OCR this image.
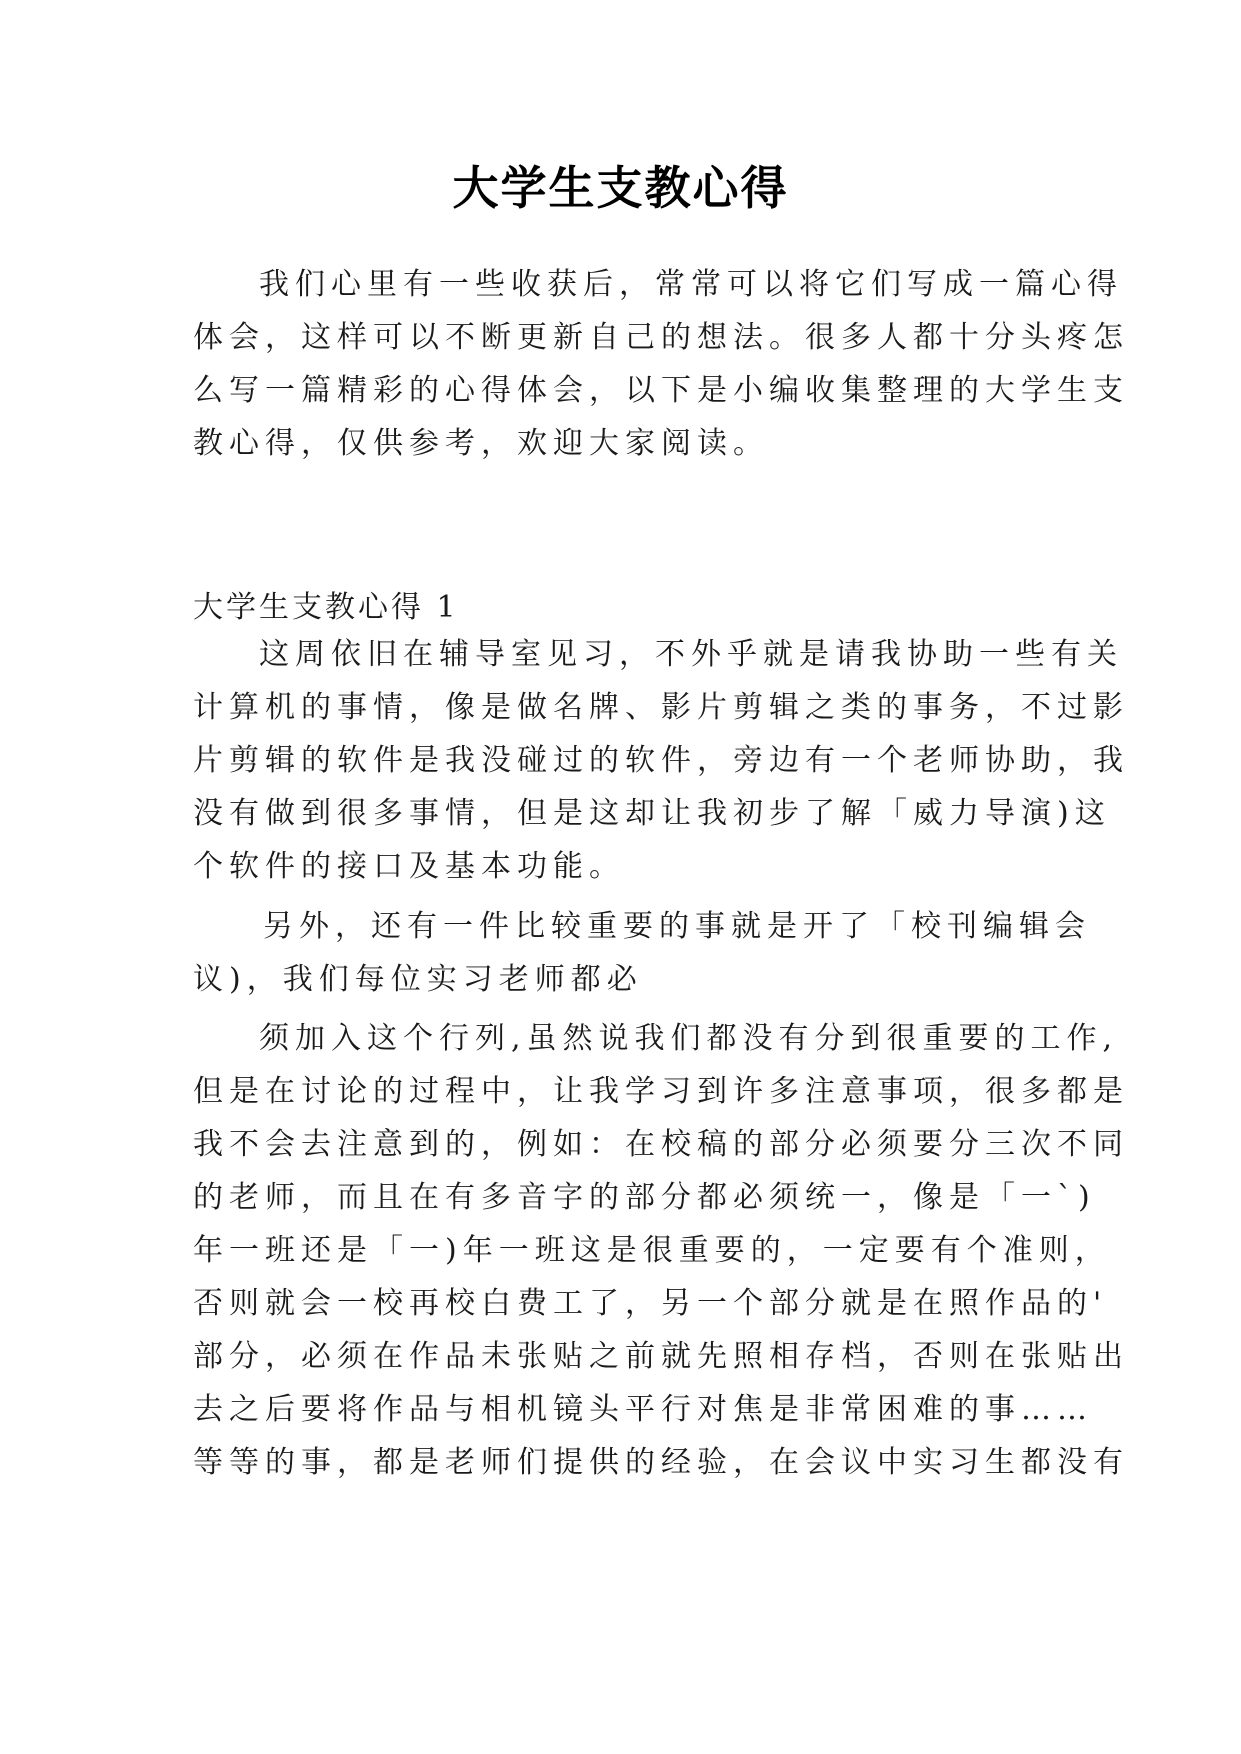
大学生支教心得
我们心里有一些收获后，常常可以将它们写成一篇心得
体会，这样可以不断更新自己的想法。很多人都十分头疼怎
么写一篇精彩的心得体会，以下是小编收集整理的大学生支
教心得，仅供参考，欢迎大家阅读。
大学生支教心得 1
这周依旧在辅导室见习，不外乎就是请我协助一些有关
计算机的事情，像是做名牌、影片剪辑之类的事务，不过影
片剪辑的软件是我没碰过的软件，旁边有一个老师协助，我
没有做到很多事情，但是这却让我初步了解「威力导演)这
个软件的接口及基本功能。
另外，还有一件比较重要的事就是开了「校刊编辑会
议)，我们每位实习老师都必
须加入这个行列,虽然说我们都没有分到很重要的工作,
但是在讨论的过程中，让我学习到许多注意事项，很多都是
我不会去注意到的，例如：在校稿的部分必须要分三次不同
的老师，而且在有多音字的部分都必须统一，像是「一`)
年一班还是「一)年一班这是很重要的，一定要有个准则，
否则就会一校再校白费工了，另一个部分就是在照作品的'
部分，必须在作品未张贴之前就先照相存档，否则在张贴出
去之后要将作品与相机镜头平行对焦是非常困难的事……
等等的事，都是老师们提供的经验，在会议中实习生都没有
